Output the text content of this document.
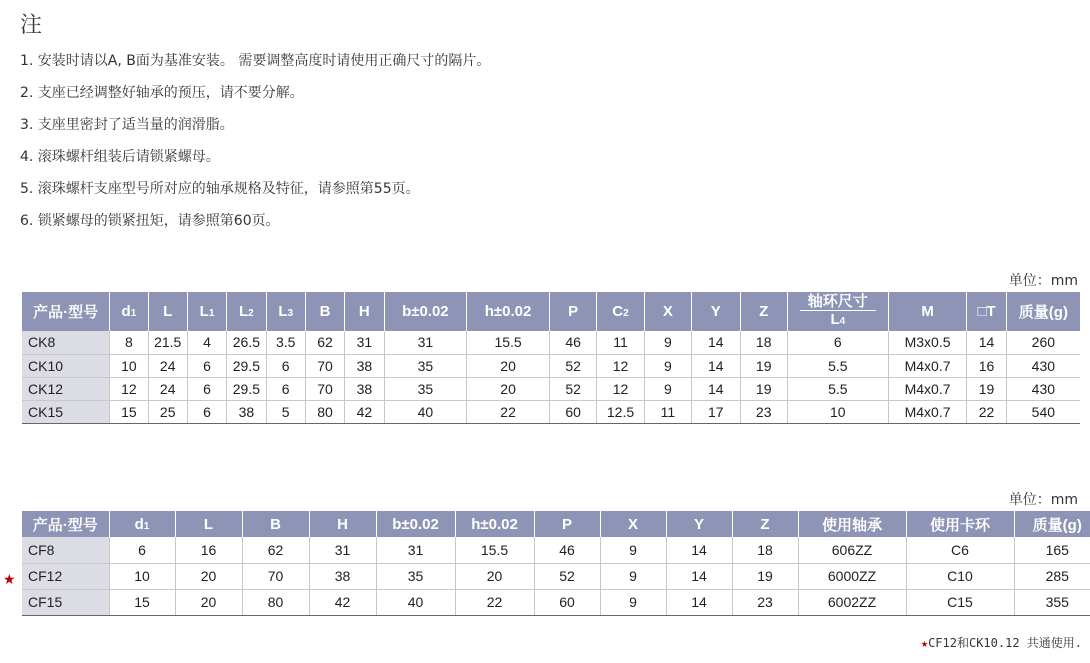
注
1. 安装时请以A, B面为基准安装。 需要调整高度时请使用正确尺寸的隔片。
2. 支座已经调整好轴承的预压，请不要分解。
3. 支座里密封了适当量的润滑脂。
4. 滚珠螺杆组装后请锁紧螺母。
5. 滚珠螺杆支座型号所对应的轴承规格及特征，请参照第55页。
6. 锁紧螺母的锁紧扭矩，请参照第60页。
单位：mm
产品·型号	d1	L	L1	L2	L3	B	H	b±0.02	h±0.02	P	C2	X	Y	Z	轴环尺寸
L4	M	□T	质量(g)
CK8	8	21.5	4	26.5	3.5	62	31	31	15.5	46	11	9	14	18	6	M3x0.5	14	260
CK10	10	24	6	29.5	6	70	38	35	20	52	12	9	14	19	5.5	M4x0.7	16	430
CK12	12	24	6	29.5	6	70	38	35	20	52	12	9	14	19	5.5	M4x0.7	19	430
CK15	15	25	6	38	5	80	42	40	22	60	12.5	11	17	23	10	M4x0.7	22	540
单位：mm
产品·型号	d1	L	B	H	b±0.02	h±0.02	P	X	Y	Z	使用轴承	使用卡环	质量(g)
CF8	6	16	62	31	31	15.5	46	9	14	18	606ZZ	C6	165
CF12	10	20	70	38	35	20	52	9	14	19	6000ZZ	C10	285
CF15	15	20	80	42	40	22	60	9	14	23	6002ZZ	C15	355
★
★CF12和CK10.12 共通使用.
